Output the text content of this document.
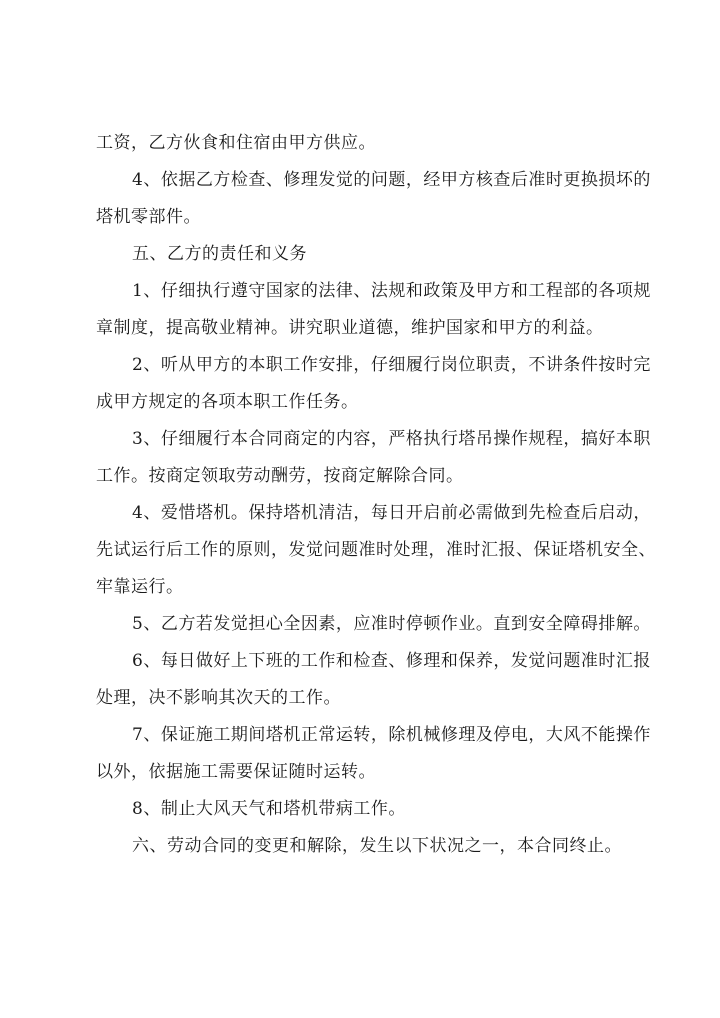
工资，乙方伙食和住宿由甲方供应。
4、依据乙方检查、修理发觉的问题，经甲方核查后准时更换损坏的
塔机零部件。
五、乙方的责任和义务
1、仔细执行遵守国家的法律、法规和政策及甲方和工程部的各项规
章制度，提高敬业精神。讲究职业道德，维护国家和甲方的利益。
2、听从甲方的本职工作安排，仔细履行岗位职责，不讲条件按时完
成甲方规定的各项本职工作任务。
3、仔细履行本合同商定的内容，严格执行塔吊操作规程，搞好本职
工作。按商定领取劳动酬劳，按商定解除合同。
4、爱惜塔机。保持塔机清洁，每日开启前必需做到先检查后启动，
先试运行后工作的原则，发觉问题准时处理，准时汇报、保证塔机安全、
牢靠运行。
5、乙方若发觉担心全因素，应准时停顿作业。直到安全障碍排解。
6、每日做好上下班的工作和检查、修理和保养，发觉问题准时汇报
处理，决不影响其次天的工作。
7、保证施工期间塔机正常运转，除机械修理及停电，大风不能操作
以外，依据施工需要保证随时运转。
8、制止大风天气和塔机带病工作。
六、劳动合同的变更和解除，发生以下状况之一，本合同终止。
